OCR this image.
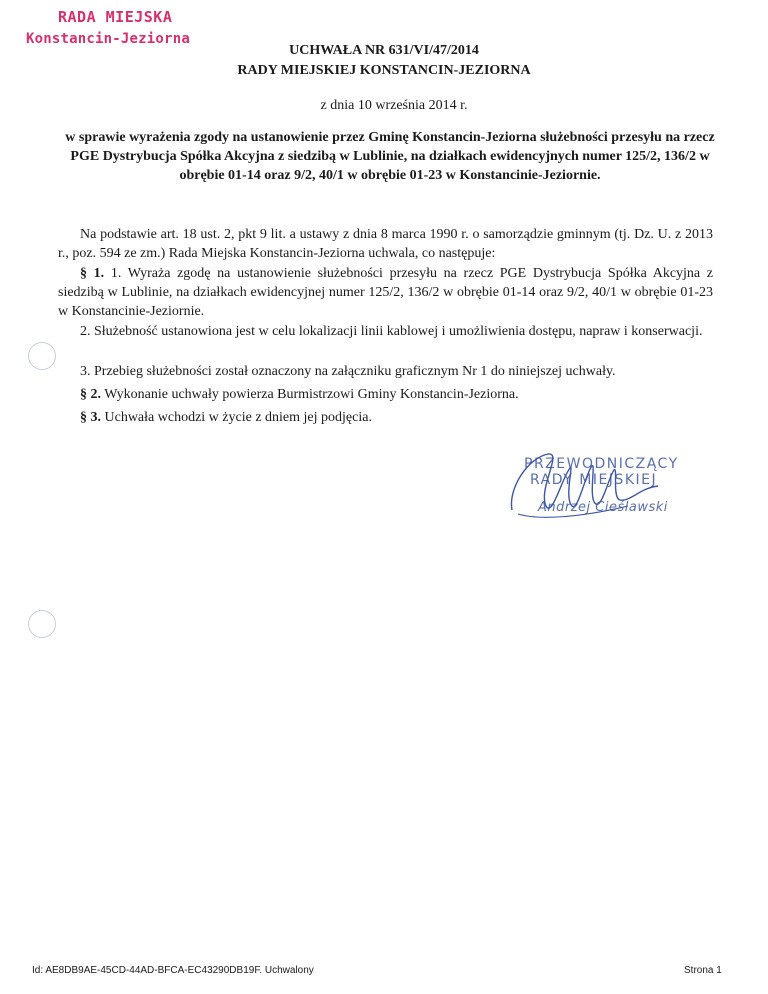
RADA MIEJSKA
Konstancin-Jeziorna
UCHWAŁA NR 631/VI/47/2014
RADY MIEJSKIEJ KONSTANCIN-JEZIORNA
z dnia 10 września 2014 r.
w sprawie wyrażenia zgody na ustanowienie przez Gminę Konstancin-Jeziorna służebności przesyłu na rzecz PGE Dystrybucja Spółka Akcyjna z siedzibą w Lublinie, na działkach ewidencyjnych numer 125/2, 136/2 w obrębie 01-14 oraz 9/2, 40/1 w obrębie 01-23 w Konstancinie-Jeziornie.
Na podstawie art. 18 ust. 2, pkt 9 lit. a ustawy z dnia 8 marca 1990 r. o samorządzie gminnym (tj. Dz. U. z 2013 r., poz. 594 ze zm.) Rada Miejska Konstancin-Jeziorna uchwala, co następuje:
§ 1. 1. Wyraża zgodę na ustanowienie służebności przesyłu na rzecz PGE Dystrybucja Spółka Akcyjna z siedzibą w Lublinie, na działkach ewidencyjnej numer 125/2, 136/2 w obrębie 01-14 oraz 9/2, 40/1 w obrębie 01-23 w Konstancinie-Jeziornie.
2. Służebność ustanowiona jest w celu lokalizacji linii kablowej i umożliwienia dostępu, napraw i konserwacji.
3. Przebieg służebności został oznaczony na załączniku graficznym Nr 1 do niniejszej uchwały.
§ 2. Wykonanie uchwały powierza Burmistrzowi Gminy Konstancin-Jeziorna.
§ 3. Uchwała wchodzi w życie z dniem jej podjęcia.
PRZEWODNICZĄCY
RADY MIEJSKIEJ
Andrzej Cieślawski
Id: AE8DB9AE-45CD-44AD-BFCA-EC43290DB19F. Uchwalony	Strona 1
